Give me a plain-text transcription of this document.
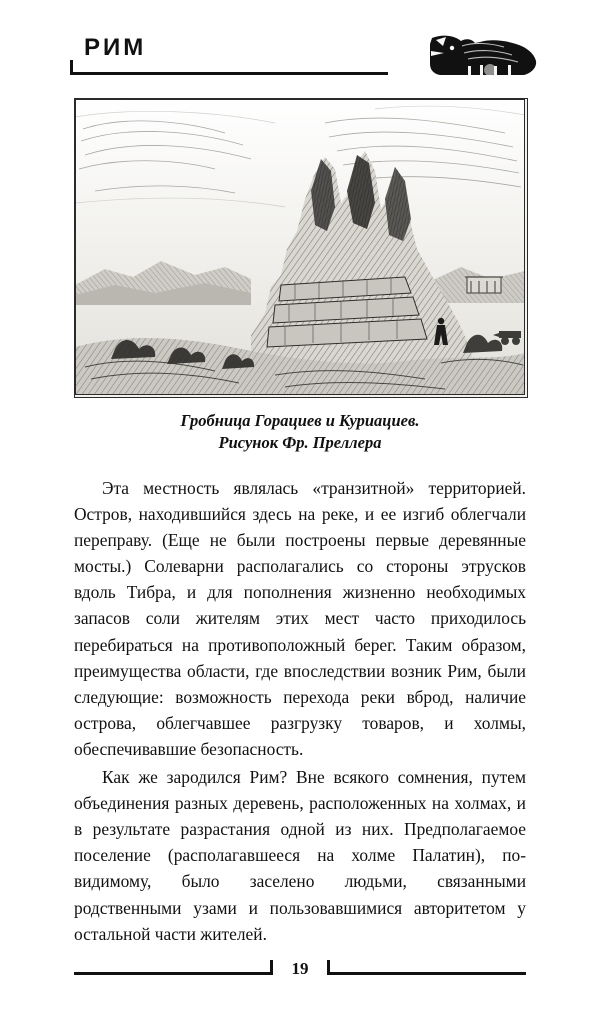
РИМ
Гробница Горациев и Куриациев.
Рисунок Фр. Преллера

Эта местность являлась «транзитной» территорией. Остров, находившийся здесь на реке, и ее изгиб облегчали переправу. (Еще не были построены первые деревянные мосты.) Солеварни располагались со стороны этрусков вдоль Тибра, и для пополнения жизненно необходимых запасов соли жителям этих мест часто приходилось перебираться на противоположный берег. Таким образом, преимущества области, где впоследствии возник Рим, были следующие: возможность перехода реки вброд, наличие острова, облегчавшее разгрузку товаров, и холмы, обеспечивавшие безопасность.

Как же зародился Рим? Вне всякого сомнения, путем объединения разных деревень, расположенных на холмах, и в результате разрастания одной из них. Предполагаемое поселение (располагавшееся на холме Палатин), по-видимому, было заселено людьми, связанными родственными узами и пользовавшимися авторитетом у остальной части жителей.

19
